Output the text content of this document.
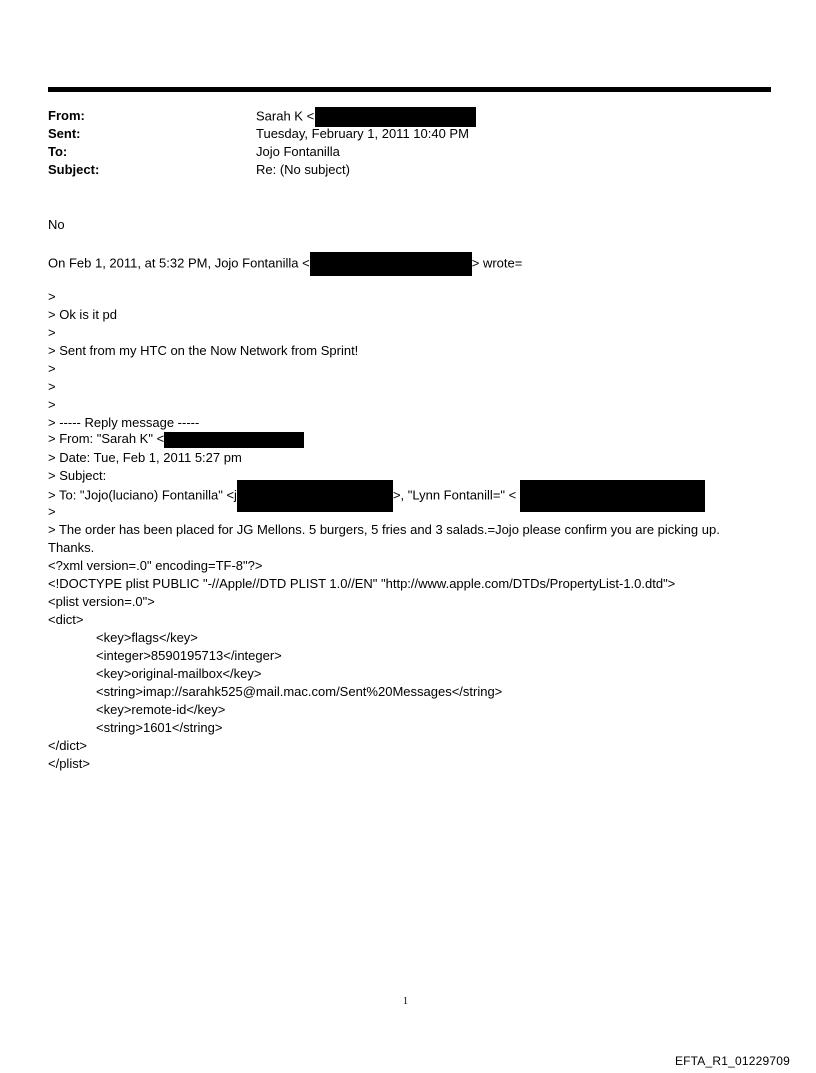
From:	Sarah K <
Sent:	Tuesday, February 1, 2011 10:40 PM
To:	Jojo Fontanilla
Subject:	Re: (No subject)
No
On Feb 1, 2011, at 5:32 PM, Jojo Fontanilla <	> wrote=
>
> Ok is it pd
>
> Sent from my HTC on the Now Network from Sprint!
>
>
>
> ----- Reply message -----
> From: "Sarah K" <
> Date: Tue, Feb 1, 2011 5:27 pm
> Subject:
> To: "Jojo(luciano) Fontanilla" <j	>, "Lynn Fontanill=" <
>
> The order has been placed for JG Mellons. 5 burgers, 5 fries and 3 salads.=Jojo please confirm you are picking up.
Thanks.
<?xml version=.0" encoding=TF-8"?>
<!DOCTYPE plist PUBLIC "-//Apple//DTD PLIST 1.0//EN" "http://www.apple.com/DTDs/PropertyList-1.0.dtd">
<plist version=.0">
<dict>
<key>flags</key>
<integer>8590195713</integer>
<key>original-mailbox</key>
<string>imap://sarahk525@mail.mac.com/Sent%20Messages</string>
<key>remote-id</key>
<string>1601</string>
</dict>
</plist>
1
EFTA_R1_01229709
